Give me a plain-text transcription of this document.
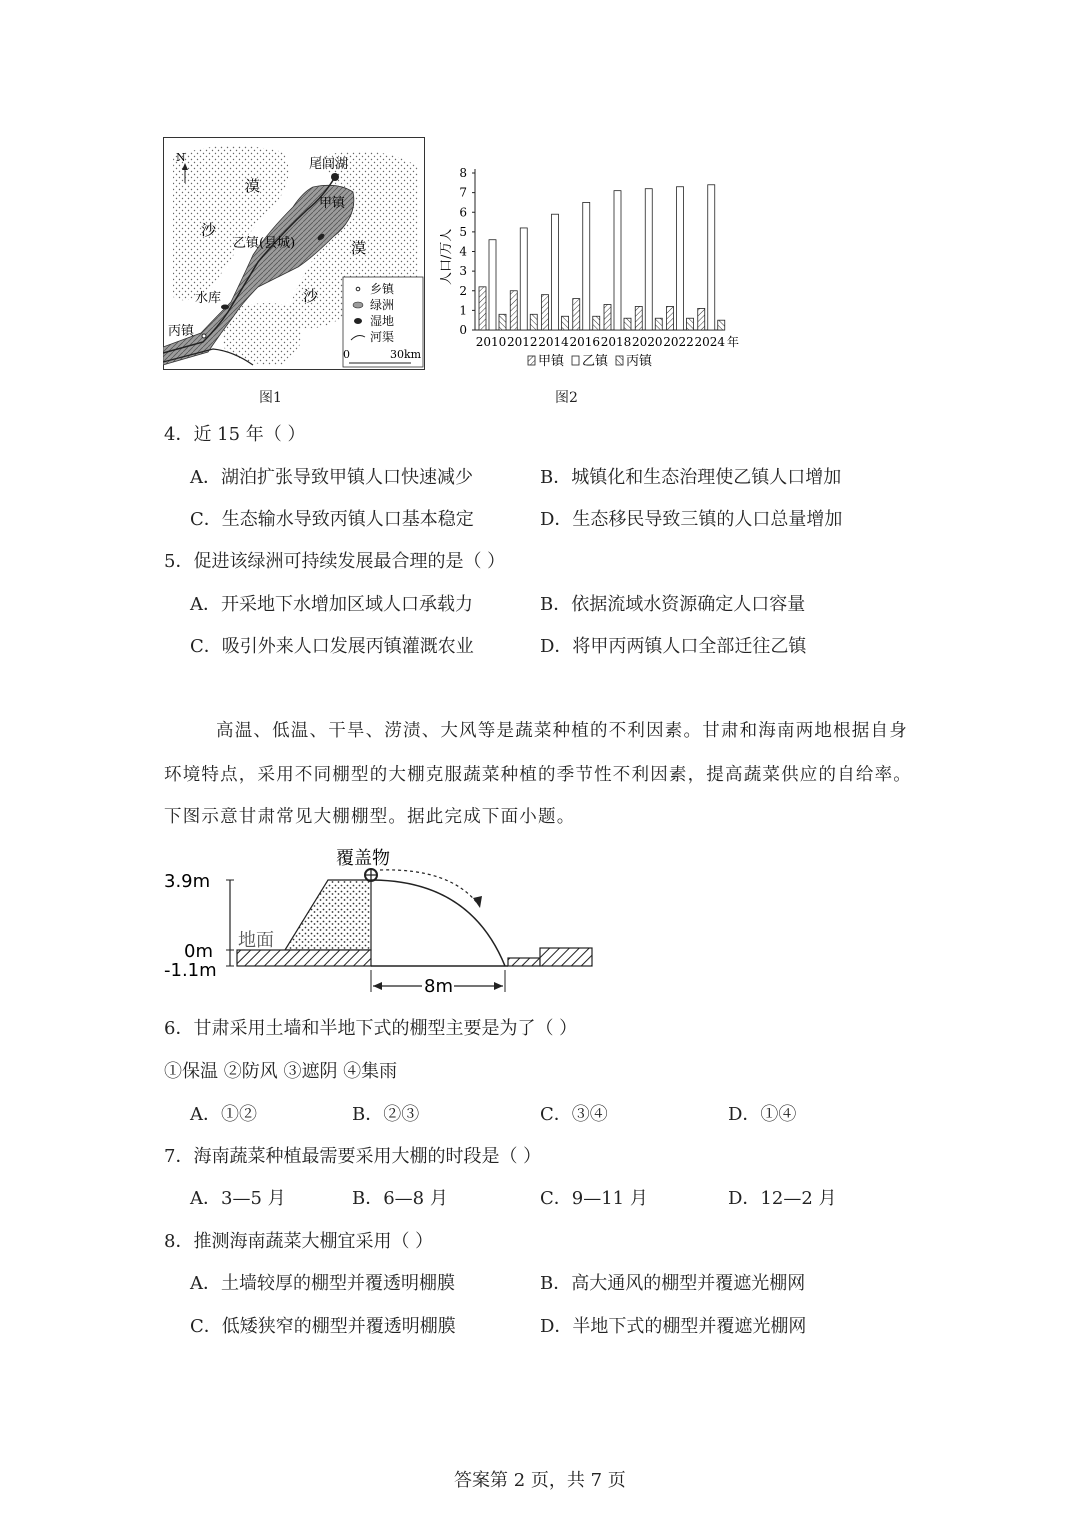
N	尾闾湖
甲镇
乙镇(县城)
丙镇
水库
漠
漠
沙
沙	乡镇
绿洲
湿地
河渠
0	30km
图1
0
1
2
3
4
5
6
7
8
人口/万人
2010 2012 2014 2016 2018 2020 2022 2024 年
甲镇 乙镇 丙镇
图2
4．近 15 年（ ）
A．湖泊扩张导致甲镇人口快速减少	B．城镇化和生态治理使乙镇人口增加
C．生态输水导致丙镇人口基本稳定	D．生态移民导致三镇的人口总量增加
5．促进该绿洲可持续发展最合理的是（ ）
A．开采地下水增加区域人口承载力	B．依据流域水资源确定人口容量
C．吸引外来人口发展丙镇灌溉农业	D．将甲丙两镇人口全部迁往乙镇
高温、低温、干旱、涝渍、大风等是蔬菜种植的不利因素。甘肃和海南两地根据自身
环境特点，采用不同棚型的大棚克服蔬菜种植的季节性不利因素，提高蔬菜供应的自给率。
下图示意甘肃常见大棚棚型。据此完成下面小题。
覆盖物
3.9m
0m
-1.1m
地面
8m
6．甘肃采用土墙和半地下式的棚型主要是为了（ ）
①保温 ②防风 ③遮阴 ④集雨
A．①②	B．②③	C．③④	D．①④
7．海南蔬菜种植最需要采用大棚的时段是（ ）
A．3—5 月	B．6—8 月	C．9—11 月	D．12—2 月
8．推测海南蔬菜大棚宜采用（ ）
A．土墙较厚的棚型并覆透明棚膜	B．高大通风的棚型并覆遮光棚网
C．低矮狭窄的棚型并覆透明棚膜	D．半地下式的棚型并覆遮光棚网
答案第 2 页，共 7 页
